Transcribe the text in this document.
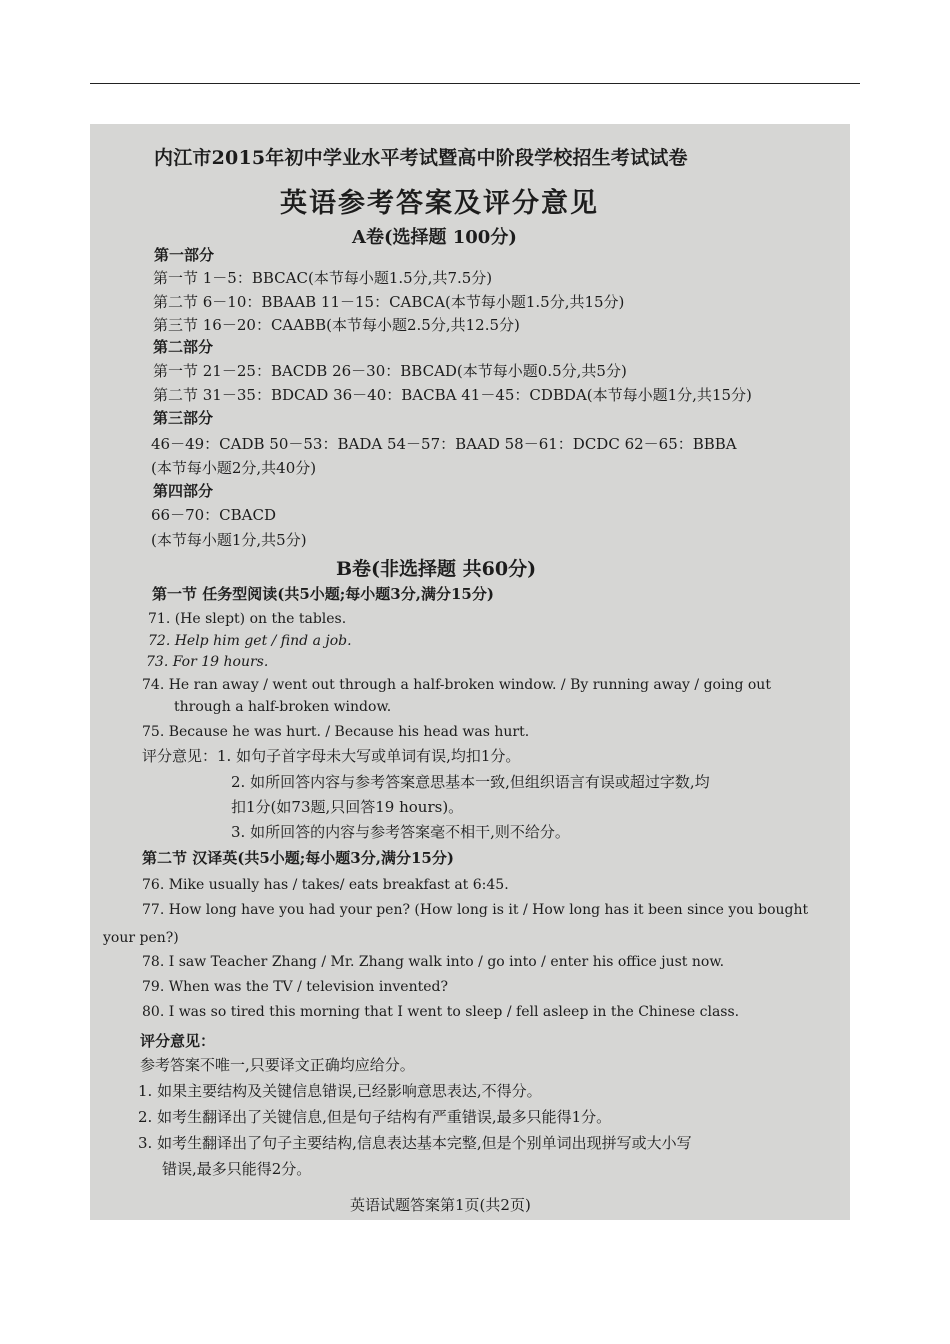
内江市2015年初中学业水平考试暨高中阶段学校招生考试试卷
英语参考答案及评分意见
A卷(选择题 100分)
第一部分
第一节 1－5：BBCAC(本节每小题1.5分,共7.5分)
第二节 6－10：BBAAB 11－15：CABCA(本节每小题1.5分,共15分)
第三节 16－20：CAABB(本节每小题2.5分,共12.5分)
第二部分
第一节 21－25：BACDB 26－30：BBCAD(本节每小题0.5分,共5分)
第二节 31－35：BDCAD 36－40：BACBA 41－45：CDBDA(本节每小题1分,共15分)
第三部分
46－49：CADB 50－53：BADA 54－57：BAAD 58－61：DCDC 62－65：BBBA
(本节每小题2分,共40分)
第四部分
66－70：CBACD
(本节每小题1分,共5分)
B卷(非选择题 共60分)
第一节 任务型阅读(共5小题;每小题3分,满分15分)
71. (He slept) on the tables.
72. Help him get / find a job.
73. For 19 hours.
74. He ran away / went out through a half-broken window. / By running away / going out
through a half-broken window.
75. Because he was hurt. / Because his head was hurt.
评分意见：1. 如句子首字母未大写或单词有误,均扣1分。
2. 如所回答内容与参考答案意思基本一致,但组织语言有误或超过字数,均
扣1分(如73题,只回答19 hours)。
3. 如所回答的内容与参考答案毫不相干,则不给分。
第二节 汉译英(共5小题;每小题3分,满分15分)
76. Mike usually has / takes/ eats breakfast at 6:45.
77. How long have you had your pen? (How long is it / How long has it been since you bought
your pen?)
78. I saw Teacher Zhang / Mr. Zhang walk into / go into / enter his office just now.
79. When was the TV / television invented?
80. I was so tired this morning that I went to sleep / fell asleep in the Chinese class.
评分意见：
参考答案不唯一,只要译文正确均应给分。
1. 如果主要结构及关键信息错误,已经影响意思表达,不得分。
2. 如考生翻译出了关键信息,但是句子结构有严重错误,最多只能得1分。
3. 如考生翻译出了句子主要结构,信息表达基本完整,但是个别单词出现拼写或大小写
错误,最多只能得2分。
英语试题答案第1页(共2页)
